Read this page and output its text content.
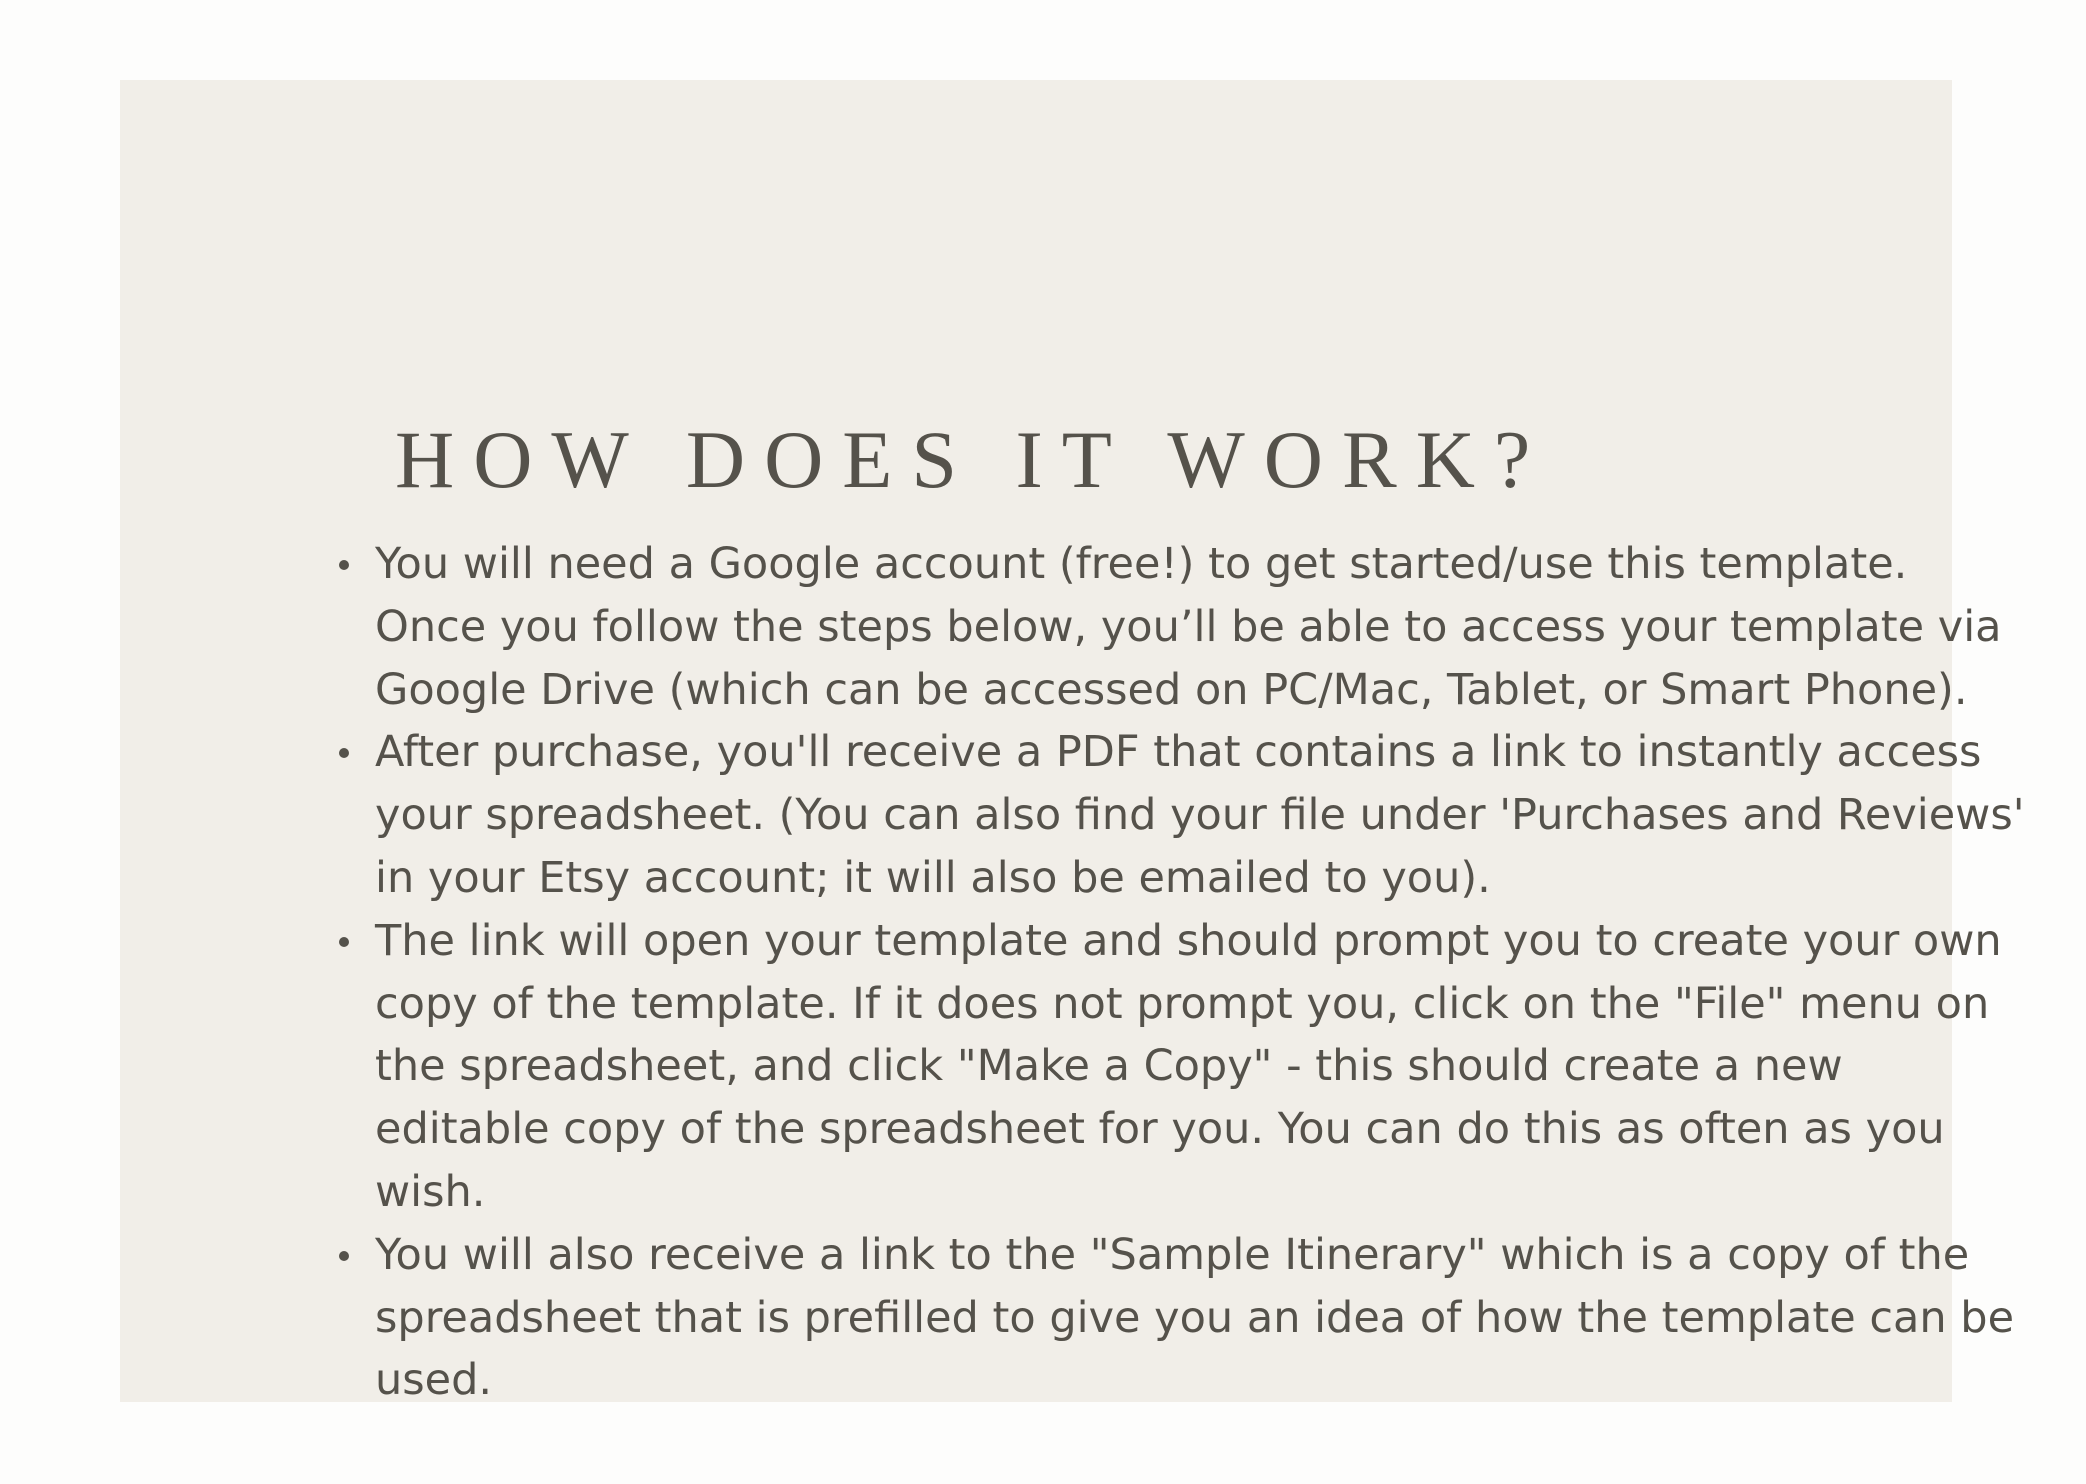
HOW DOES IT WORK?
You will need a Google account (free!) to get started/use this template. Once you follow the steps below, you’ll be able to access your template via Google Drive (which can be accessed on PC/Mac, Tablet, or Smart Phone).
After purchase, you'll receive a PDF that contains a link to instantly access your spreadsheet. (You can also find your file under 'Purchases and Reviews' in your Etsy account; it will also be emailed to you).
The link will open your template and should prompt you to create your own copy of the template. If it does not prompt you, click on the "File" menu on the spreadsheet, and click "Make a Copy" - this should create a new editable copy of the spreadsheet for you. You can do this as often as you wish.
You will also receive a link to the "Sample Itinerary" which is a copy of the spreadsheet that is prefilled to give you an idea of how the template can be used.
